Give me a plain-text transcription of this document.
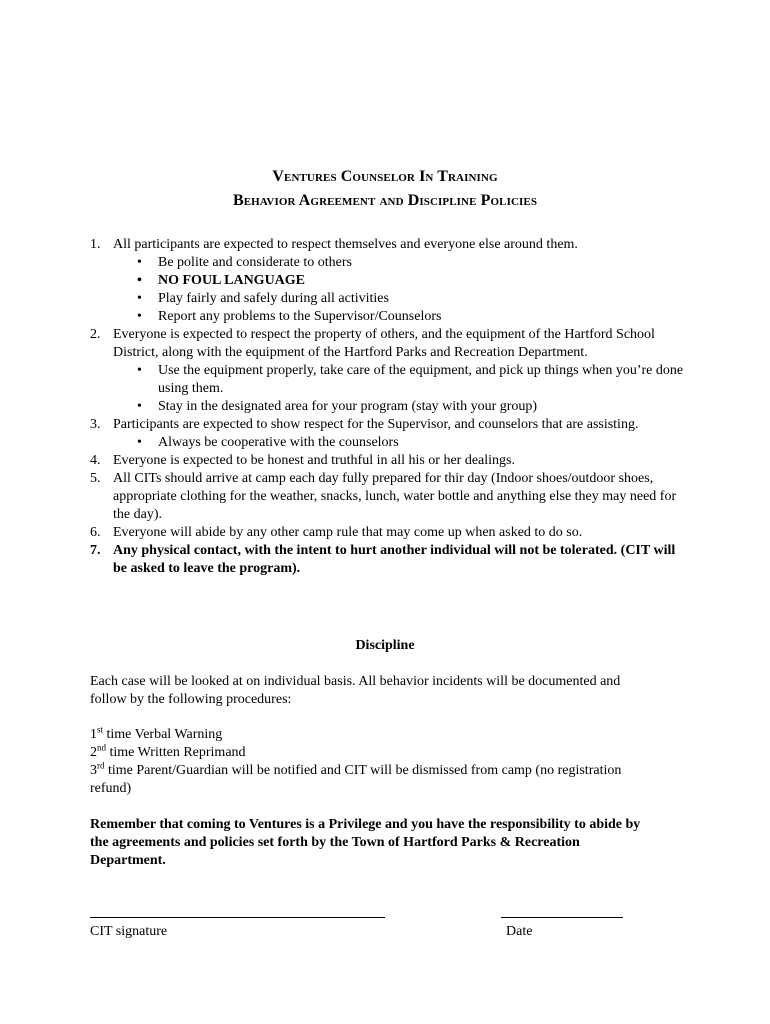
Ventures Counselor In Training
Behavior Agreement and Discipline Policies
1. All participants are expected to respect themselves and everyone else around them.
• Be polite and considerate to others
• NO FOUL LANGUAGE
• Play fairly and safely during all activities
• Report any problems to the Supervisor/Counselors
2. Everyone is expected to respect the property of others, and the equipment of the Hartford School District, along with the equipment of the Hartford Parks and Recreation Department.
• Use the equipment properly, take care of the equipment, and pick up things when you’re done using them.
• Stay in the designated area for your program (stay with your group)
3. Participants are expected to show respect for the Supervisor, and counselors that are assisting.
• Always be cooperative with the counselors
4. Everyone is expected to be honest and truthful in all his or her dealings.
5. All CITs should arrive at camp each day fully prepared for thir day (Indoor shoes/outdoor shoes, appropriate clothing for the weather, snacks, lunch, water bottle and anything else they may need for the day).
6. Everyone will abide by any other camp rule that may come up when asked to do so.
7. Any physical contact, with the intent to hurt another individual will not be tolerated. (CIT will be asked to leave the program).
Discipline
Each case will be looked at on individual basis. All behavior incidents will be documented and follow by the following procedures:
1st time Verbal Warning
2nd time Written Reprimand
3rd time Parent/Guardian will be notified and CIT will be dismissed from camp (no registration refund)
Remember that coming to Ventures is a Privilege and you have the responsibility to abide by the agreements and policies set forth by the Town of Hartford Parks & Recreation Department.
CIT signature	Date
